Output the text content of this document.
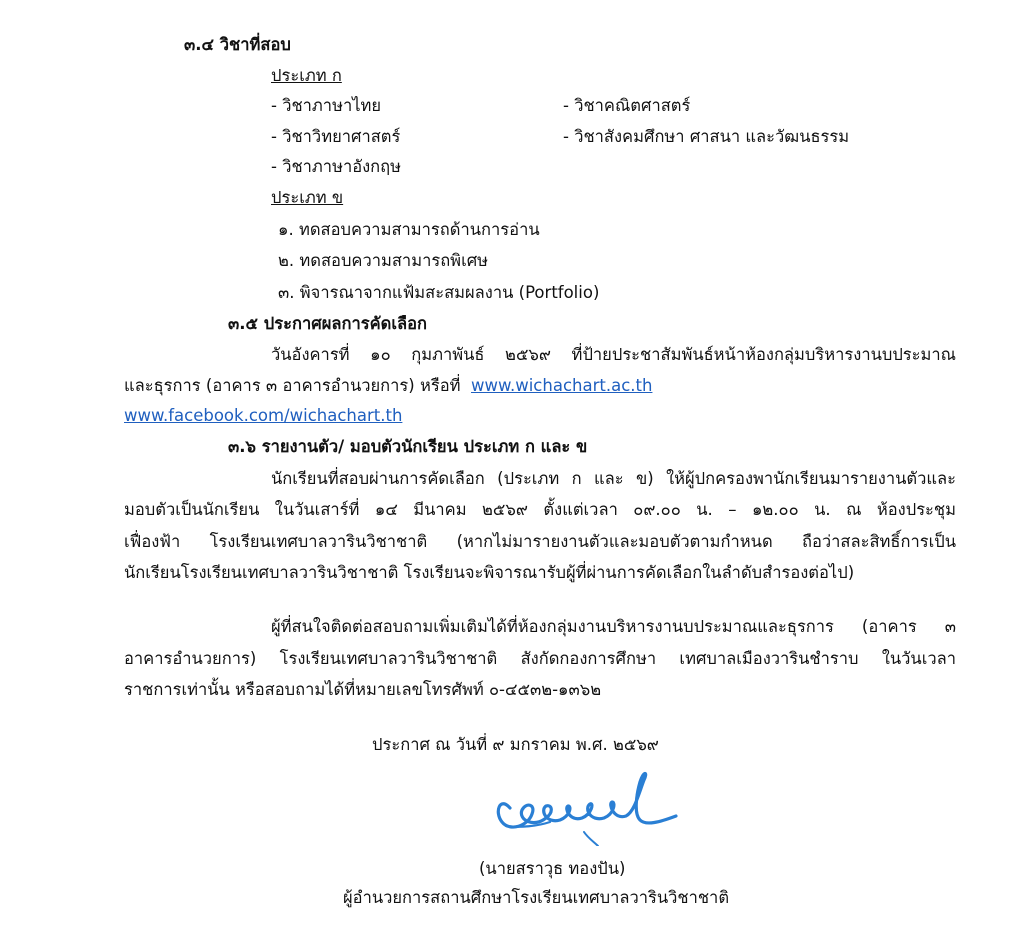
๓.๔ วิชาที่สอบ
ประเภท ก
- วิชาภาษาไทย	- วิชาคณิตศาสตร์
- วิชาวิทยาศาสตร์	- วิชาสังคมศึกษา ศาสนา และวัฒนธรรม
- วิชาภาษาอังกฤษ
ประเภท ข
๑. ทดสอบความสามารถด้านการอ่าน
๒. ทดสอบความสามารถพิเศษ
๓. พิจารณาจากแฟ้มสะสมผลงาน (Portfolio)
๓.๕ ประกาศผลการคัดเลือก
วันอังคารที่ ๑๐ กุมภาพันธ์ ๒๕๖๙ ที่ป้ายประชาสัมพันธ์หน้าห้องกลุ่มบริหารงานบประมาณ
และธุรการ (อาคาร ๓ อาคารอำนวยการ) หรือที่ www.wichachart.ac.th
www.facebook.com/wichachart.th
๓.๖ รายงานตัว/ มอบตัวนักเรียน ประเภท ก และ ข
นักเรียนที่สอบผ่านการคัดเลือก (ประเภท ก และ ข) ให้ผู้ปกครองพานักเรียนมารายงานตัวและ
มอบตัวเป็นนักเรียน ในวันเสาร์ที่ ๑๔ มีนาคม ๒๕๖๙ ตั้งแต่เวลา ๐๙.๐๐ น. – ๑๒.๐๐ น. ณ ห้องประชุม
เฟื่องฟ้า โรงเรียนเทศบาลวารินวิชาชาติ (หากไม่มารายงานตัวและมอบตัวตามกำหนด ถือว่าสละสิทธิ์การเป็น
นักเรียนโรงเรียนเทศบาลวารินวิชาชาติ โรงเรียนจะพิจารณารับผู้ที่ผ่านการคัดเลือกในลำดับสำรองต่อไป)
ผู้ที่สนใจติดต่อสอบถามเพิ่มเติมได้ที่ห้องกลุ่มงานบริหารงานบประมาณและธุรการ (อาคาร ๓
อาคารอำนวยการ) โรงเรียนเทศบาลวารินวิชาชาติ สังกัดกองการศึกษา เทศบาลเมืองวารินชำราบ ในวันเวลา
ราชการเท่านั้น หรือสอบถามได้ที่หมายเลขโทรศัพท์ ๐-๔๕๓๒-๑๓๖๒
ประกาศ ณ วันที่ ๙ มกราคม พ.ศ. ๒๕๖๙
(นายสราวุธ ทองปัน)
ผู้อำนวยการสถานศึกษาโรงเรียนเทศบาลวารินวิชาชาติ
